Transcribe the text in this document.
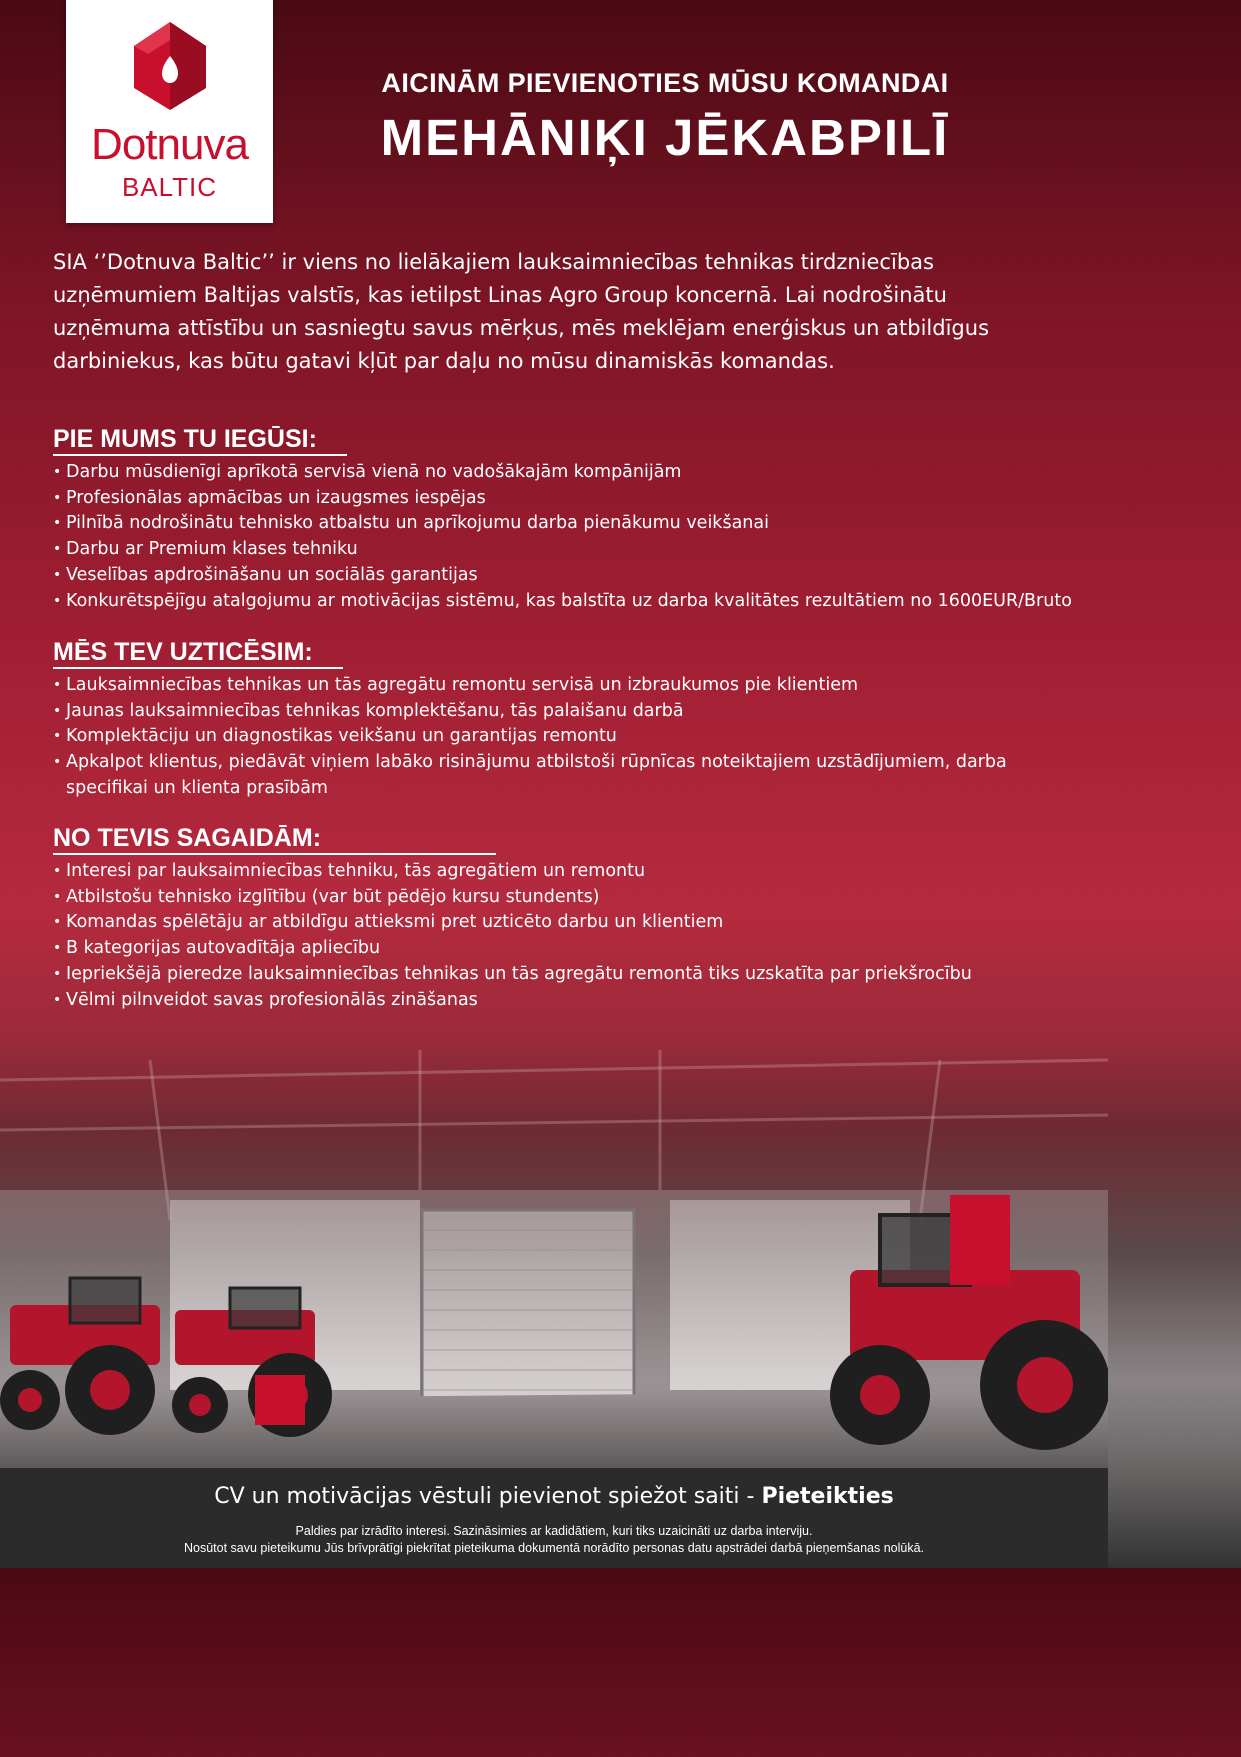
Dotnuva
BALTIC
AICINĀM PIEVIENOTIES MŪSU KOMANDAI
MEHĀNIĶI JĒKABPILĪ

SIA ‘’Dotnuva Baltic’’ ir viens no lielākajiem lauksaimniecības tehnikas tirdzniecības uzņēmumiem Baltijas valstīs, kas ietilpst Linas Agro Group koncernā. Lai nodrošinātu uzņēmuma attīstību un sasniegtu savus mērķus, mēs meklējam enerģiskus un atbildīgus darbiniekus, kas būtu gatavi kļūt par daļu no mūsu dinamiskās komandas.

PIE MUMS TU IEGŪSI:
• Darbu mūsdienīgi aprīkotā servisā vienā no vadošākajām kompānijām
• Profesionālas apmācības un izaugsmes iespējas
• Pilnībā nodrošinātu tehnisko atbalstu un aprīkojumu darba pienākumu veikšanai
• Darbu ar Premium klases tehniku
• Veselības apdrošināšanu un sociālās garantijas
• Konkurētspējīgu atalgojumu ar motivācijas sistēmu, kas balstīta uz darba kvalitātes rezultātiem no 1600EUR/Bruto
MĒS TEV UZTICĒSIM:
• Lauksaimniecības tehnikas un tās agregātu remontu servisā un izbraukumos pie klientiem
• Jaunas lauksaimniecības tehnikas komplektēšanu, tās palaišanu darbā
• Komplektāciju un diagnostikas veikšanu un garantijas remontu
• Apkalpot klientus, piedāvāt viņiem labāko risinājumu atbilstoši rūpnīcas noteiktajiem uzstādījumiem, darba specifikai un klienta prasībām
NO TEVIS SAGAIDĀM:
• Interesi par lauksaimniecības tehniku, tās agregātiem un remontu
• Atbilstošu tehnisko izglītību (var būt pēdējo kursu stundents)
• Komandas spēlētāju ar atbildīgu attieksmi pret uzticēto darbu un klientiem
• B kategorijas autovadītāja apliecību
• Iepriekšējā pieredze lauksaimniecības tehnikas un tās agregātu remontā tiks uzskatīta par priekšrocību
• Vēlmi pilnveidot savas profesionālās zināšanas
CV un motivācijas vēstuli pievienot spiežot saiti - Pieteikties
Paldies par izrādīto interesi. Sazināsimies ar kadidātiem, kuri tiks uzaicināti uz darba interviju.
Nosūtot savu pieteikumu Jūs brīvprātīgi piekrītat pieteikuma dokumentā norādīto personas datu apstrādei darbā pieņemšanas nolūkā.
